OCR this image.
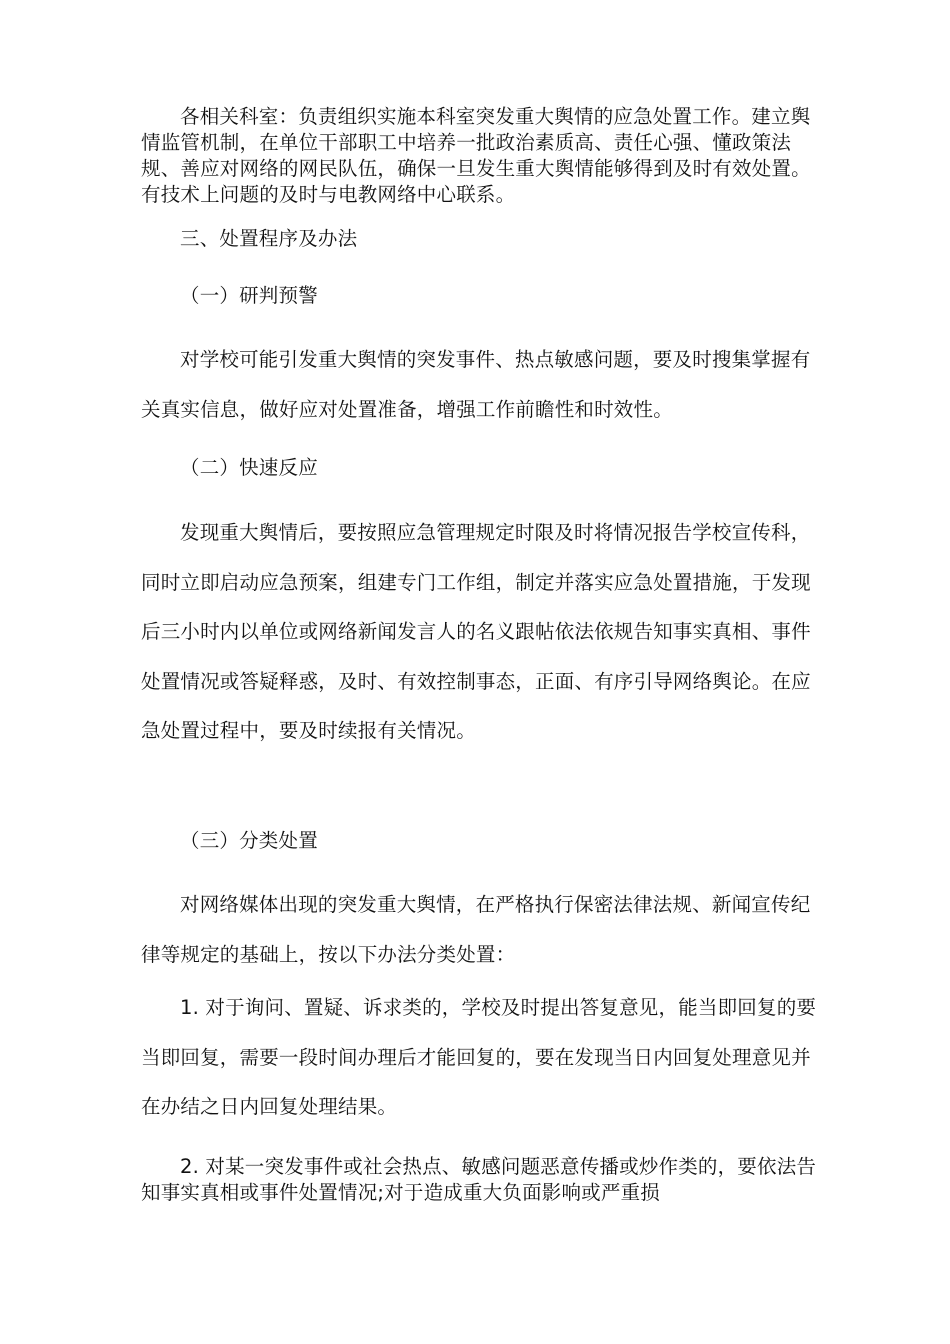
各相关科室：负责组织实施本科室突发重大舆情的应急处置工作。建立舆情监管机制，在单位干部职工中培养一批政治素质高、责任心强、懂政策法规、善应对网络的网民队伍，确保一旦发生重大舆情能够得到及时有效处置。有技术上问题的及时与电教网络中心联系。

三、处置程序及办法

（一）研判预警

对学校可能引发重大舆情的突发事件、热点敏感问题，要及时搜集掌握有关真实信息，做好应对处置准备，增强工作前瞻性和时效性。

（二）快速反应

发现重大舆情后，要按照应急管理规定时限及时将情况报告学校宣传科，同时立即启动应急预案，组建专门工作组，制定并落实应急处置措施，于发现后三小时内以单位或网络新闻发言人的名义跟帖依法依规告知事实真相、事件处置情况或答疑释惑，及时、有效控制事态，正面、有序引导网络舆论。在应急处置过程中，要及时续报有关情况。

（三）分类处置

对网络媒体出现的突发重大舆情，在严格执行保密法律法规、新闻宣传纪律等规定的基础上，按以下办法分类处置：

1. 对于询问、置疑、诉求类的，学校及时提出答复意见，能当即回复的要当即回复，需要一段时间办理后才能回复的，要在发现当日内回复处理意见并在办结之日内回复处理结果。

2. 对某一突发事件或社会热点、敏感问题恶意传播或炒作类的，要依法告知事实真相或事件处置情况;对于造成重大负面影响或严重损
